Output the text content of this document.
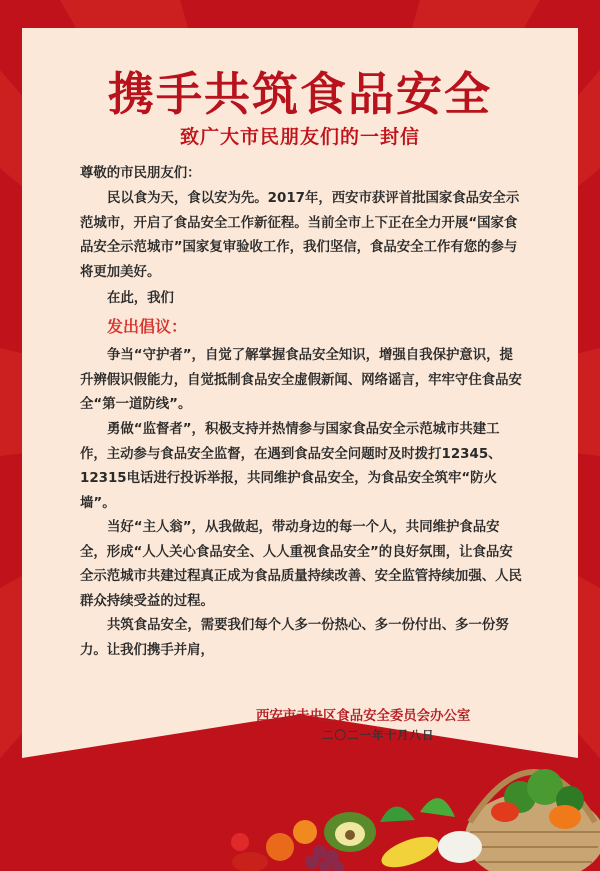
携手共筑食品安全
致广大市民朋友们的一封信
尊敬的市民朋友们：

民以食为天，食以安为先。2017年，西安市获评首批国家食品安全示范城市，开启了食品安全工作新征程。当前全市上下正在全力开展“国家食品安全示范城市”国家复审验收工作，我们坚信，食品安全工作有您的参与将更加美好。

在此，我们

发出倡议：

争当“守护者”，自觉了解掌握食品安全知识，增强自我保护意识，提升辨假识假能力，自觉抵制食品安全虚假新闻、网络谣言，牢牢守住食品安全“第一道防线”。

勇做“监督者”，积极支持并热情参与国家食品安全示范城市共建工作，主动参与食品安全监督，在遇到食品安全问题时及时拨打12345、12315电话进行投诉举报，共同维护食品安全，为食品安全筑牢“防火墙”。

当好“主人翁”，从我做起，带动身边的每一个人，共同维护食品安全，形成“人人关心食品安全、人人重视食品安全”的良好氛围，让食品安全示范城市共建过程真正成为食品质量持续改善、安全监管持续加强、人民群众持续受益的过程。

共筑食品安全，需要我们每个人多一份热心、多一份付出、多一份努力。让我们携手并肩，

西安市未央区食品安全委员会办公室
二〇二一年十月八日
